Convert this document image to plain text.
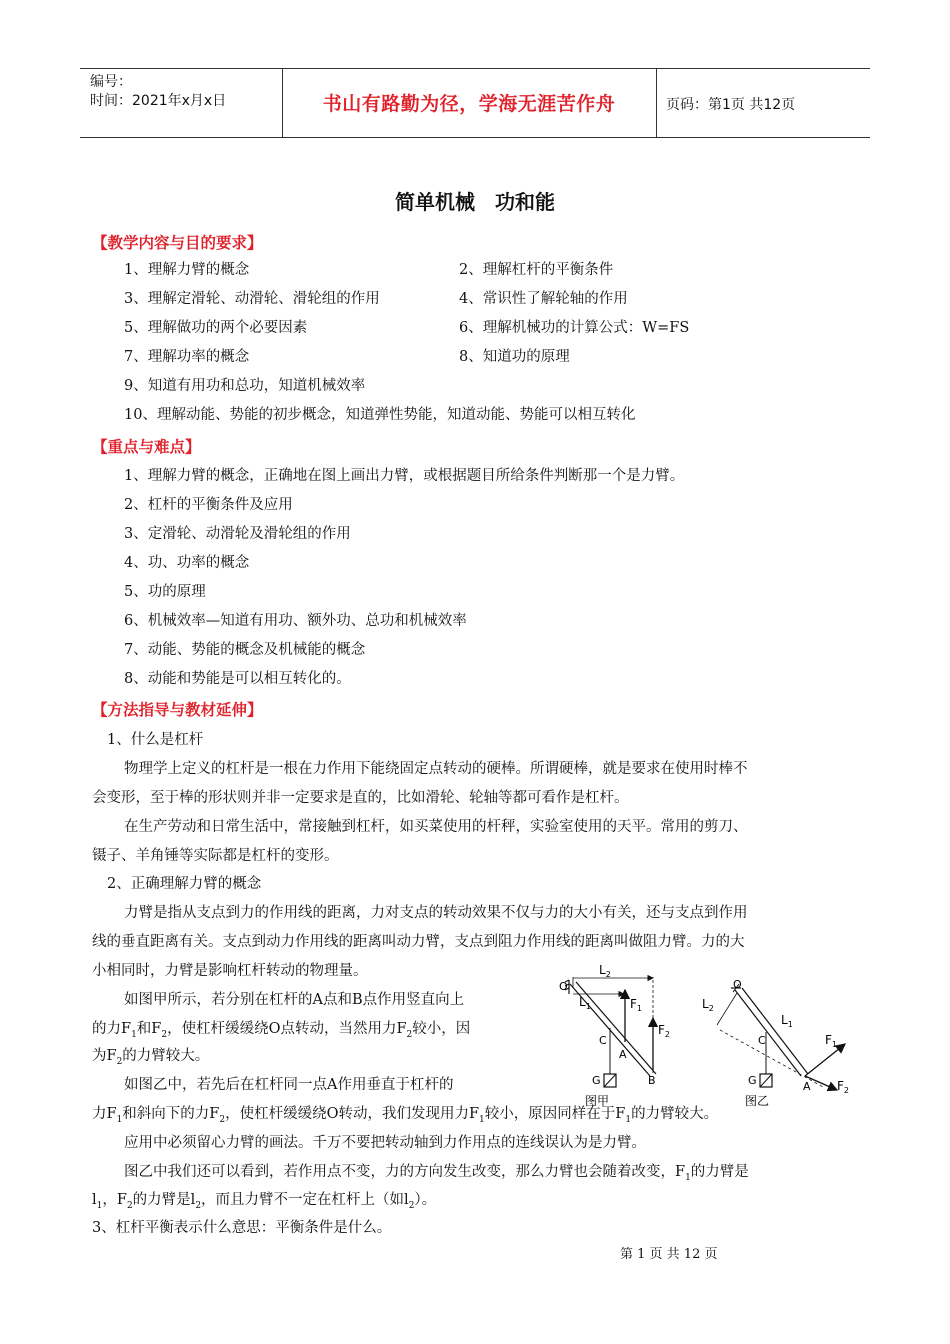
编号：
时间：2021年x月x日	书山有路勤为径，学海无涯苦作舟	页码：第1页 共12页
简单机械　功和能
【教学内容与目的要求】
1、理解力臂的概念	2、理解杠杆的平衡条件
3、理解定滑轮、动滑轮、滑轮组的作用	4、常识性了解轮轴的作用
5、理解做功的两个必要因素	6、理解机械功的计算公式：W=FS
7、理解功率的概念	8、知道功的原理
9、知道有用功和总功，知道机械效率
10、理解动能、势能的初步概念，知道弹性势能，知道动能、势能可以相互转化
【重点与难点】
1、理解力臂的概念，正确地在图上画出力臂，或根据题目所给条件判断那一个是力臂。
2、杠杆的平衡条件及应用
3、定滑轮、动滑轮及滑轮组的作用
4、功、功率的概念
5、功的原理
6、机械效率—知道有用功、额外功、总功和机械效率
7、动能、势能的概念及机械能的概念
8、动能和势能是可以相互转化的。
【方法指导与教材延伸】
1、什么是杠杆
物理学上定义的杠杆是一根在力作用下能绕固定点转动的硬棒。所谓硬棒，就是要求在使用时棒不
会变形，至于棒的形状则并非一定要求是直的，比如滑轮、轮轴等都可看作是杠杆。
在生产劳动和日常生活中，常接触到杠杆，如买菜使用的杆秤，实验室使用的天平。常用的剪刀、
镊子、羊角锤等实际都是杠杆的变形。
2、正确理解力臂的概念
力臂是指从支点到力的作用线的距离，力对支点的转动效果不仅与力的大小有关，还与支点到作用
线的垂直距离有关。支点到动力作用线的距离叫动力臂，支点到阻力作用线的距离叫做阻力臂。力的大
小相同时，力臂是影响杠杆转动的物理量。
如图甲所示，若分别在杠杆的A点和B点作用竖直向上
的力$F_1$和$F_2$，使杠杆缓缓绕O点转动，当然用力$F_2$较小，因
为$F_2$的力臂较大。
如图乙中，若先后在杠杆同一点A作用垂直于杠杆的
力$F_1$和斜向下的力$F_2$，使杠杆缓缓绕O转动，我们发现用力$F_1$较小，原因同样在于$F_1$的力臂较大。
应用中必须留心力臂的画法。千万不要把转动轴到力作用点的连线误认为是力臂。
图乙中我们还可以看到，若作用点不变，力的方向发生改变，那么力臂也会随着改变，$F_1$的力臂是
$l_1$，$F_2$的力臂是$l_2$，而且力臂不一定在杠杆上（如$l_2$）。
3、杠杆平衡表示什么意思：平衡条件是什么。
O
$L_2$
$L_1$	$F_1$
$F_2$
C
A
B
G
图甲
O
$L_2$
$L_1$
$F_1$
$F_2$
C
A
G
图乙
第 1 页 共 12 页
